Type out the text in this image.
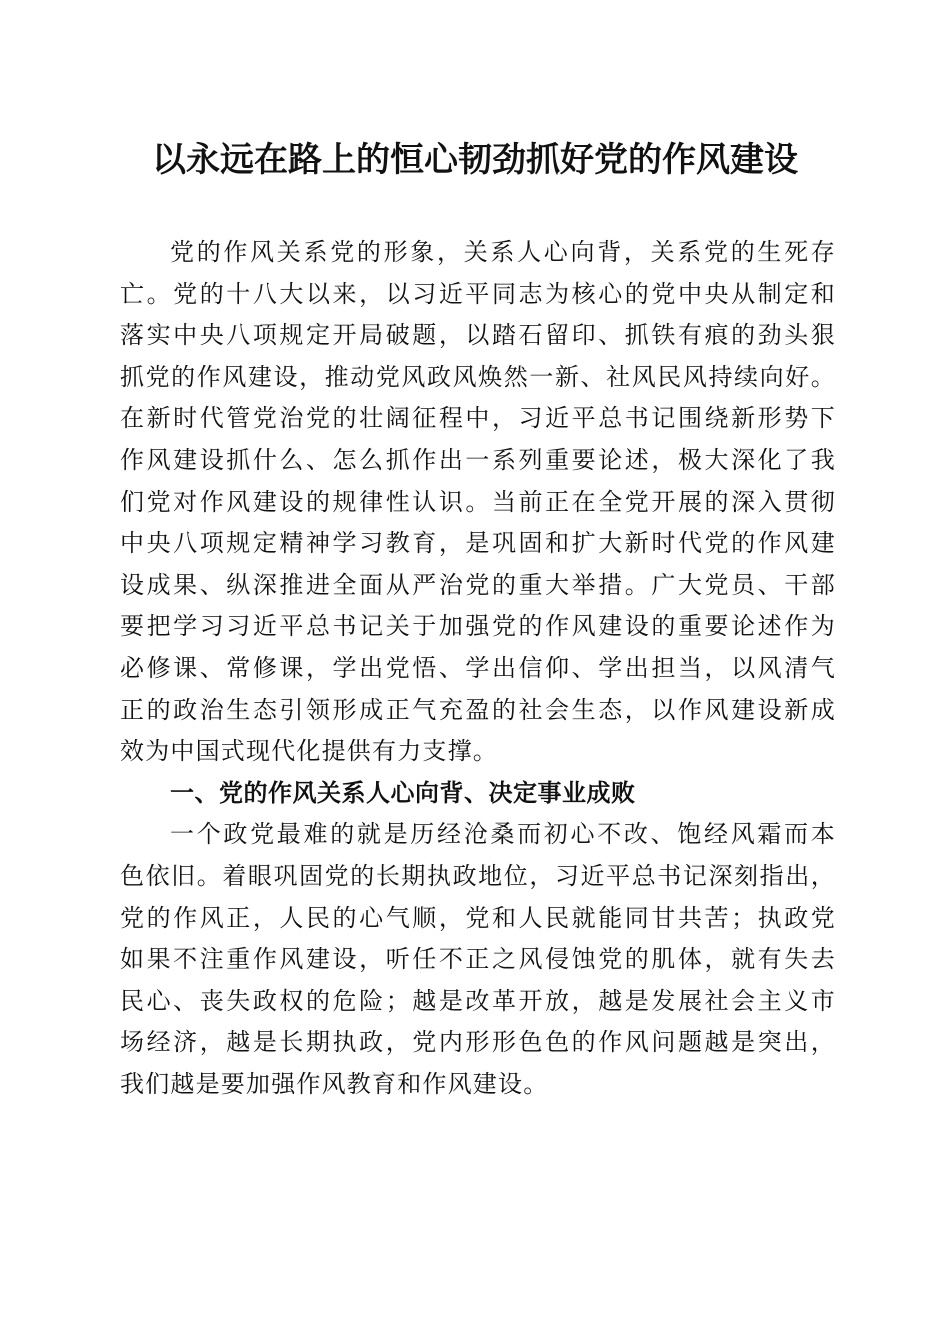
以永远在路上的恒心韧劲抓好党的作风建设
党的作风关系党的形象，关系人心向背，关系党的生死存
亡。党的十八大以来，以习近平同志为核心的党中央从制定和
落实中央八项规定开局破题，以踏石留印、抓铁有痕的劲头狠
抓党的作风建设，推动党风政风焕然一新、社风民风持续向好。
在新时代管党治党的壮阔征程中，习近平总书记围绕新形势下
作风建设抓什么、怎么抓作出一系列重要论述，极大深化了我
们党对作风建设的规律性认识。当前正在全党开展的深入贯彻
中央八项规定精神学习教育，是巩固和扩大新时代党的作风建
设成果、纵深推进全面从严治党的重大举措。广大党员、干部
要把学习习近平总书记关于加强党的作风建设的重要论述作为
必修课、常修课，学出党悟、学出信仰、学出担当，以风清气
正的政治生态引领形成正气充盈的社会生态，以作风建设新成
效为中国式现代化提供有力支撑。
一、党的作风关系人心向背、决定事业成败
一个政党最难的就是历经沧桑而初心不改、饱经风霜而本
色依旧。着眼巩固党的长期执政地位，习近平总书记深刻指出，
党的作风正，人民的心气顺，党和人民就能同甘共苦；执政党
如果不注重作风建设，听任不正之风侵蚀党的肌体，就有失去
民心、丧失政权的危险；越是改革开放，越是发展社会主义市
场经济，越是长期执政，党内形形色色的作风问题越是突出，
我们越是要加强作风教育和作风建设。
